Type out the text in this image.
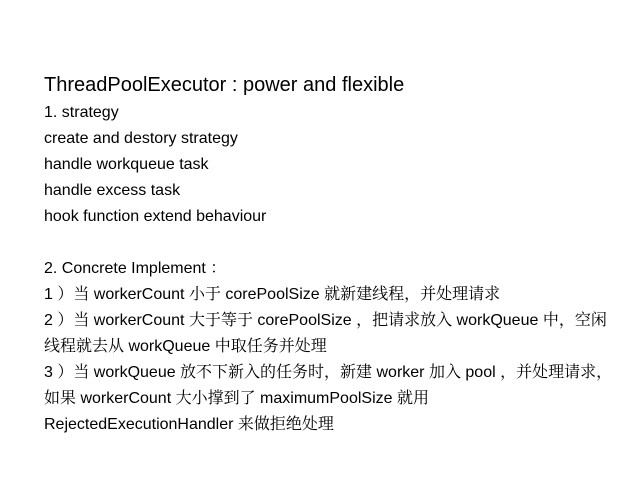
ThreadPoolExecutor : power and flexible
1. strategy
create and destory strategy
handle workqueue task
handle excess task
hook function extend behaviour
2. Concrete Implement ：
1 ）当 workerCount 小于 corePoolSize 就新建线程，并处理请求
2 ）当 workerCount 大于等于 corePoolSize ，把请求放入 workQueue 中，空闲线程就去从 workQueue 中取任务并处理
3 ）当 workQueue 放不下新入的任务时，新建 worker 加入 pool ，并处理请求，如果 workerCount 大小撑到了 maximumPoolSize 就用 RejectedExecutionHandler 来做拒绝处理
